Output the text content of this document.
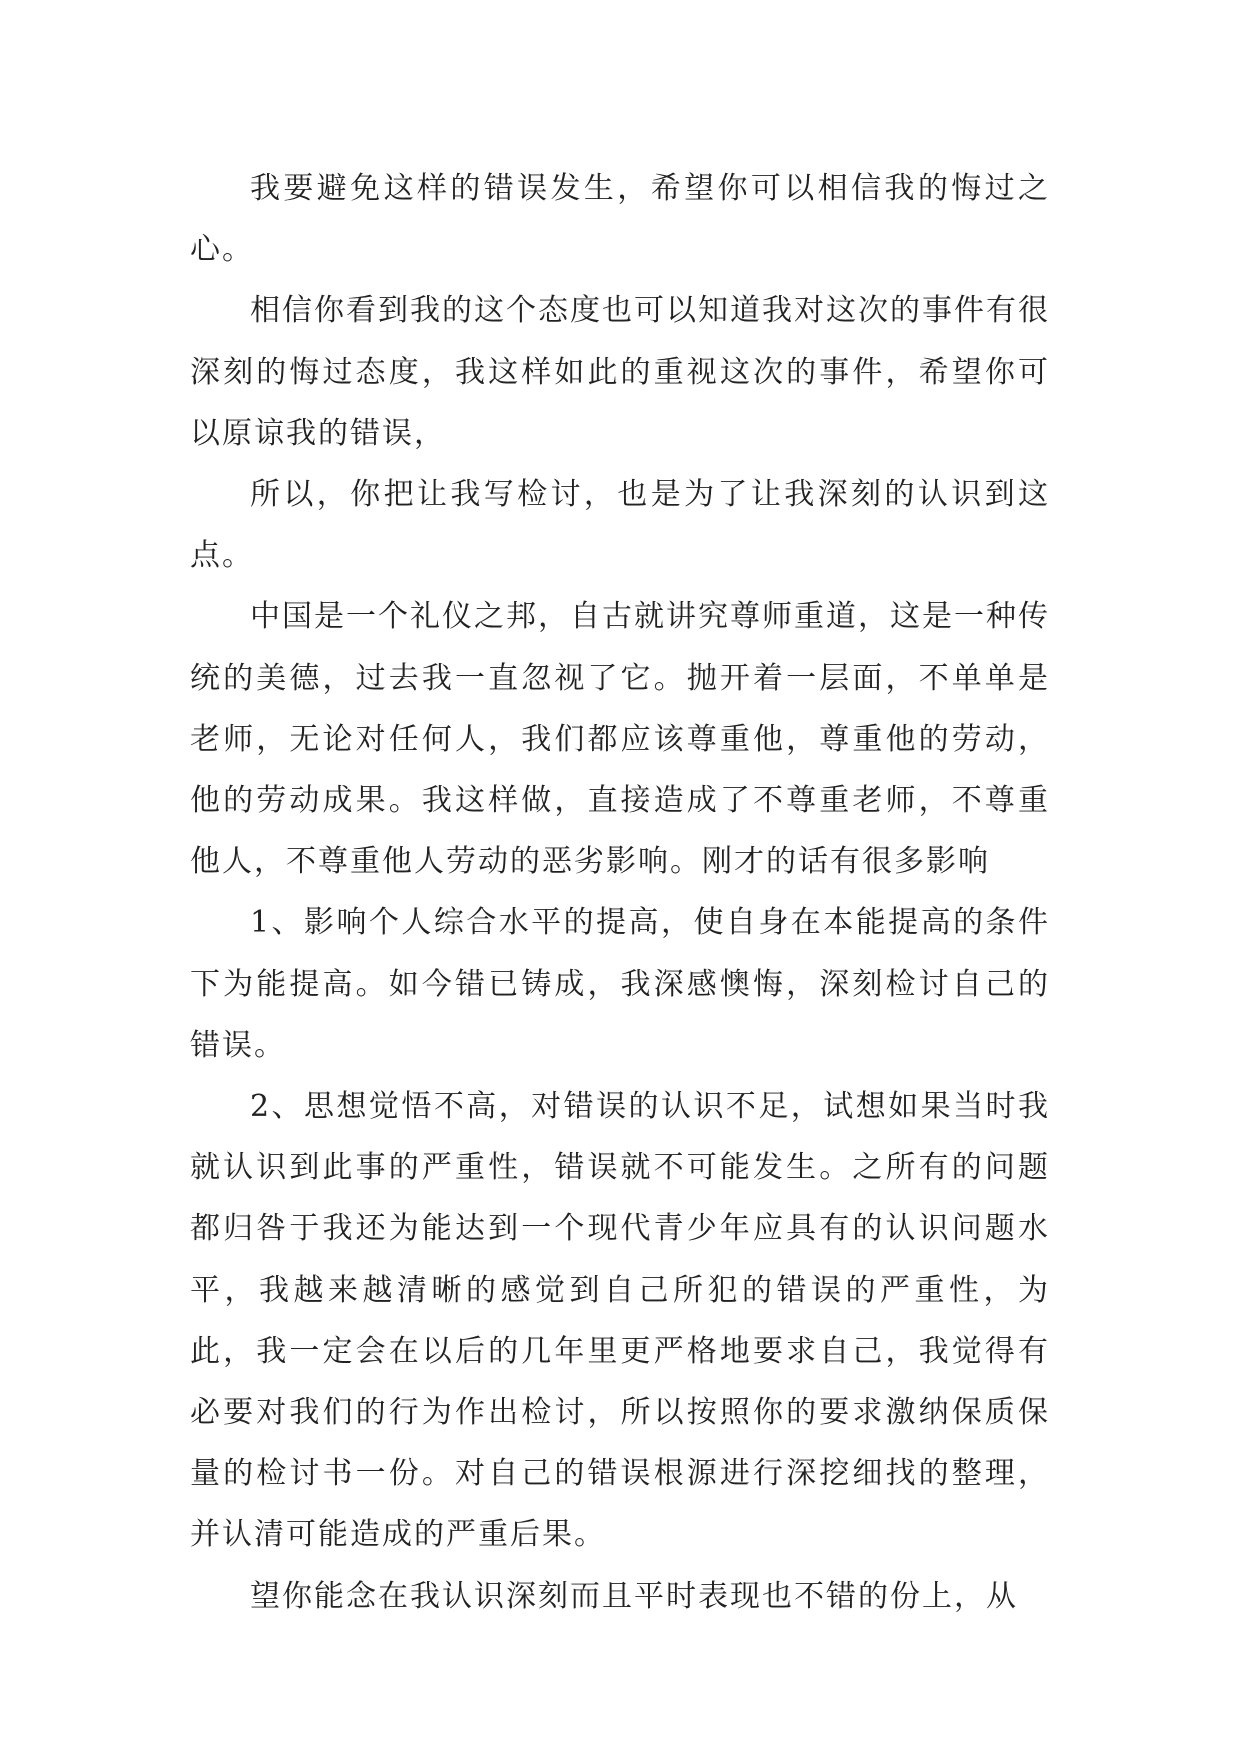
我要避免这样的错误发生，希望你可以相信我的悔过之心。

相信你看到我的这个态度也可以知道我对这次的事件有很深刻的悔过态度，我这样如此的重视这次的事件，希望你可以原谅我的错误，

所以，你把让我写检讨，也是为了让我深刻的认识到这点。

中国是一个礼仪之邦，自古就讲究尊师重道，这是一种传统的美德，过去我一直忽视了它。抛开着一层面，不单单是老师，无论对任何人，我们都应该尊重他，尊重他的劳动，他的劳动成果。我这样做，直接造成了不尊重老师，不尊重他人，不尊重他人劳动的恶劣影响。刚才的话有很多影响

1、影响个人综合水平的提高，使自身在本能提高的条件下为能提高。如今错已铸成，我深感懊悔，深刻检讨自己的错误。

2、思想觉悟不高，对错误的认识不足，试想如果当时我就认识到此事的严重性，错误就不可能发生。之所有的问题都归咎于我还为能达到一个现代青少年应具有的认识问题水平，我越来越清晰的感觉到自己所犯的错误的严重性，为此，我一定会在以后的几年里更严格地要求自己，我觉得有必要对我们的行为作出检讨，所以按照你的要求激纳保质保量的检讨书一份。对自己的错误根源进行深挖细找的整理，并认清可能造成的严重后果。

望你能念在我认识深刻而且平时表现也不错的份上，从
